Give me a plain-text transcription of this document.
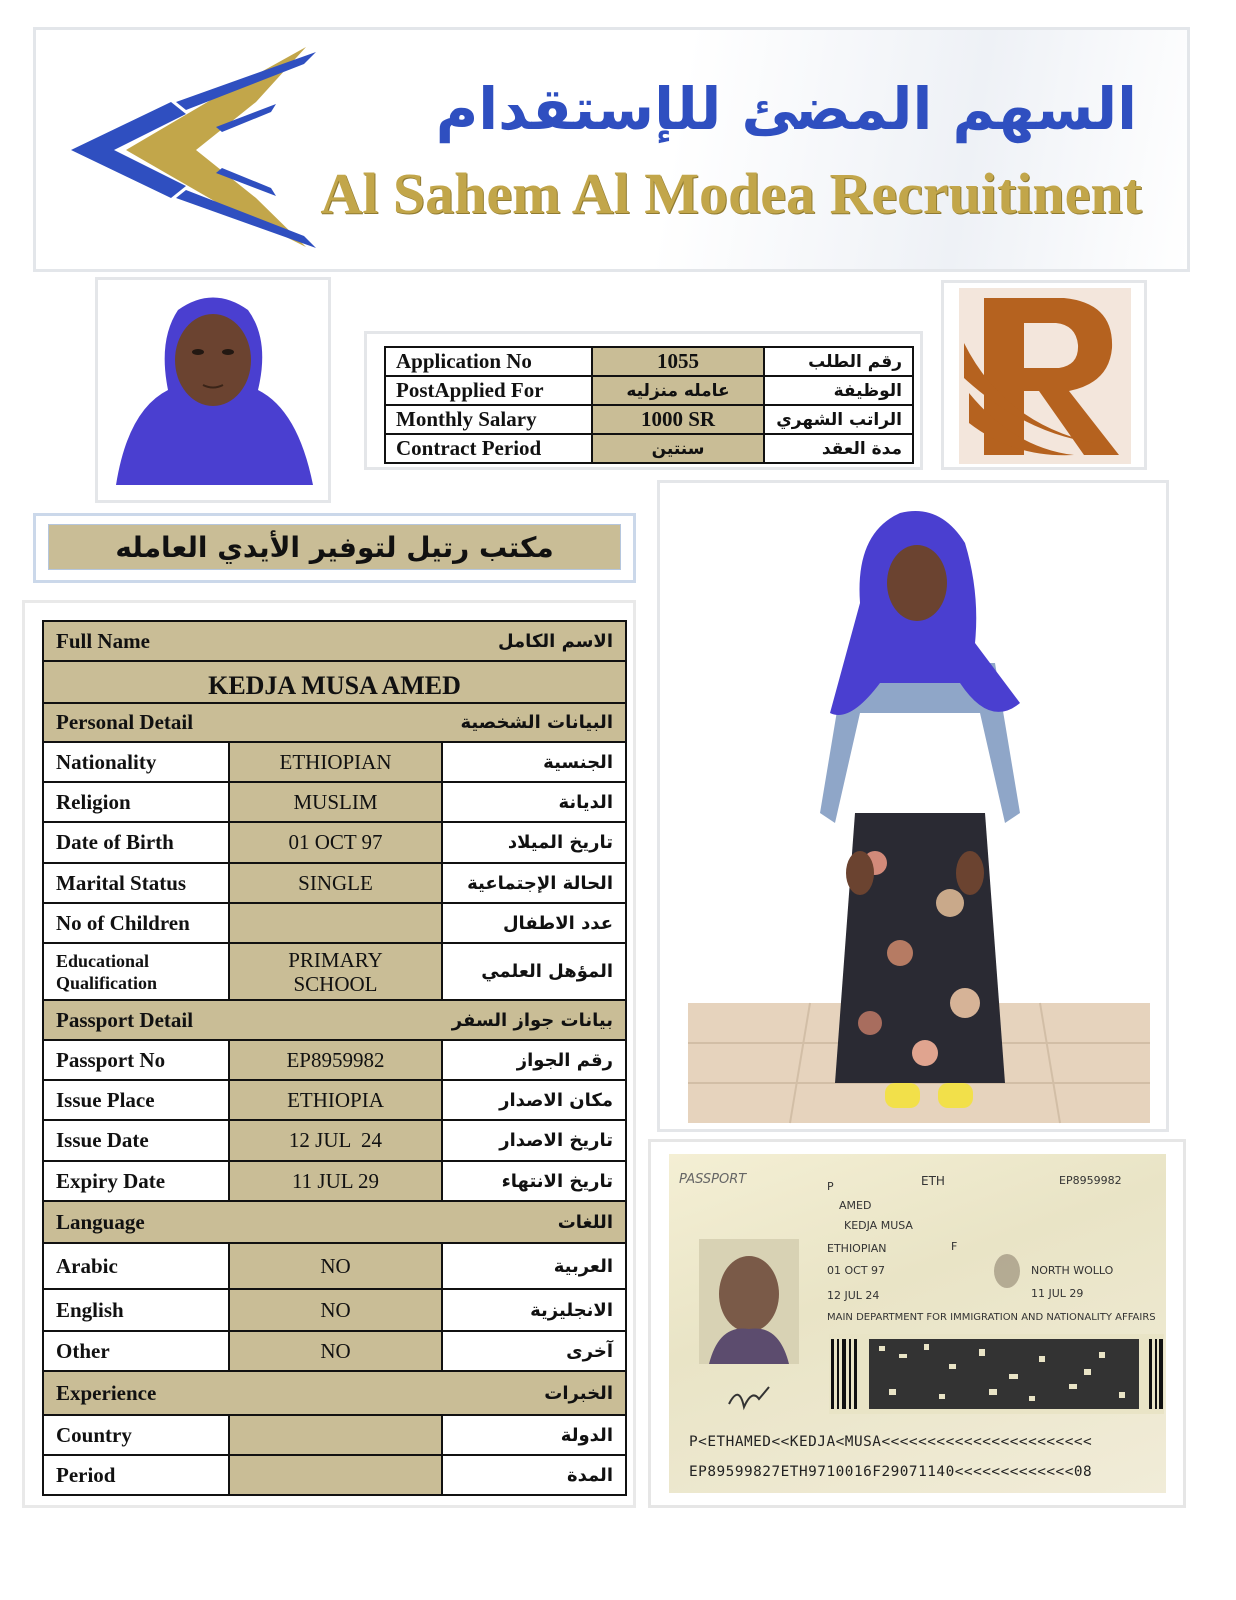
السهم المضئ للإستقدام
Al Sahem Al Modea Recruitinent
Application No	1055	رقم الطلب
PostApplied For	عامله منزليه	الوظيفة
Monthly Salary	1000 SR	الراتب الشهري
Contract Period	سنتين	مدة العقد
مكتب رتيل لتوفير الأيدي العامله
Full Name الاسم الكامل		

KEDJA MUSA AMED		

Personal Detail البيانات الشخصية		

Nationality	ETHIOPIAN	الجنسية
Religion	MUSLIM	الديانة
Date of Birth	01 OCT 97	تاريخ الميلاد
Marital Status	SINGLE	الحالة الإجتماعية
No of Children		عدد الاطفال
Educational
Qualification	PRIMARY
SCHOOL	المؤهل العلمي

Passport Detail بيانات جواز السفر		

Passport No	EP8959982	رقم الجواز
Issue Place	ETHIOPIA	مكان الاصدار
Issue Date	12 JUL  24	تاريخ الاصدار
Expiry Date	11 JUL 29	تاريخ الانتهاء

Language اللغات		

Arabic	NO	العربية
English	NO	الانجليزية
Other	NO	آخرى

Experience الخبرات		

Country		الدولة
Period		المدة
PASSPORT	P	ETH	EP8959982
AMED
KEDJA MUSA
ETHIOPIAN	F
01 OCT 97	NORTH WOLLO
12 JUL 24	11 JUL 29
MAIN DEPARTMENT FOR IMMIGRATION AND NATIONALITY AFFAIRS
P<ETHAMED<<KEDJA<MUSA<<<<<<<<<<<<<<<<<<<<<<<
EP89599827ETH9710016F29071140<<<<<<<<<<<<<08
